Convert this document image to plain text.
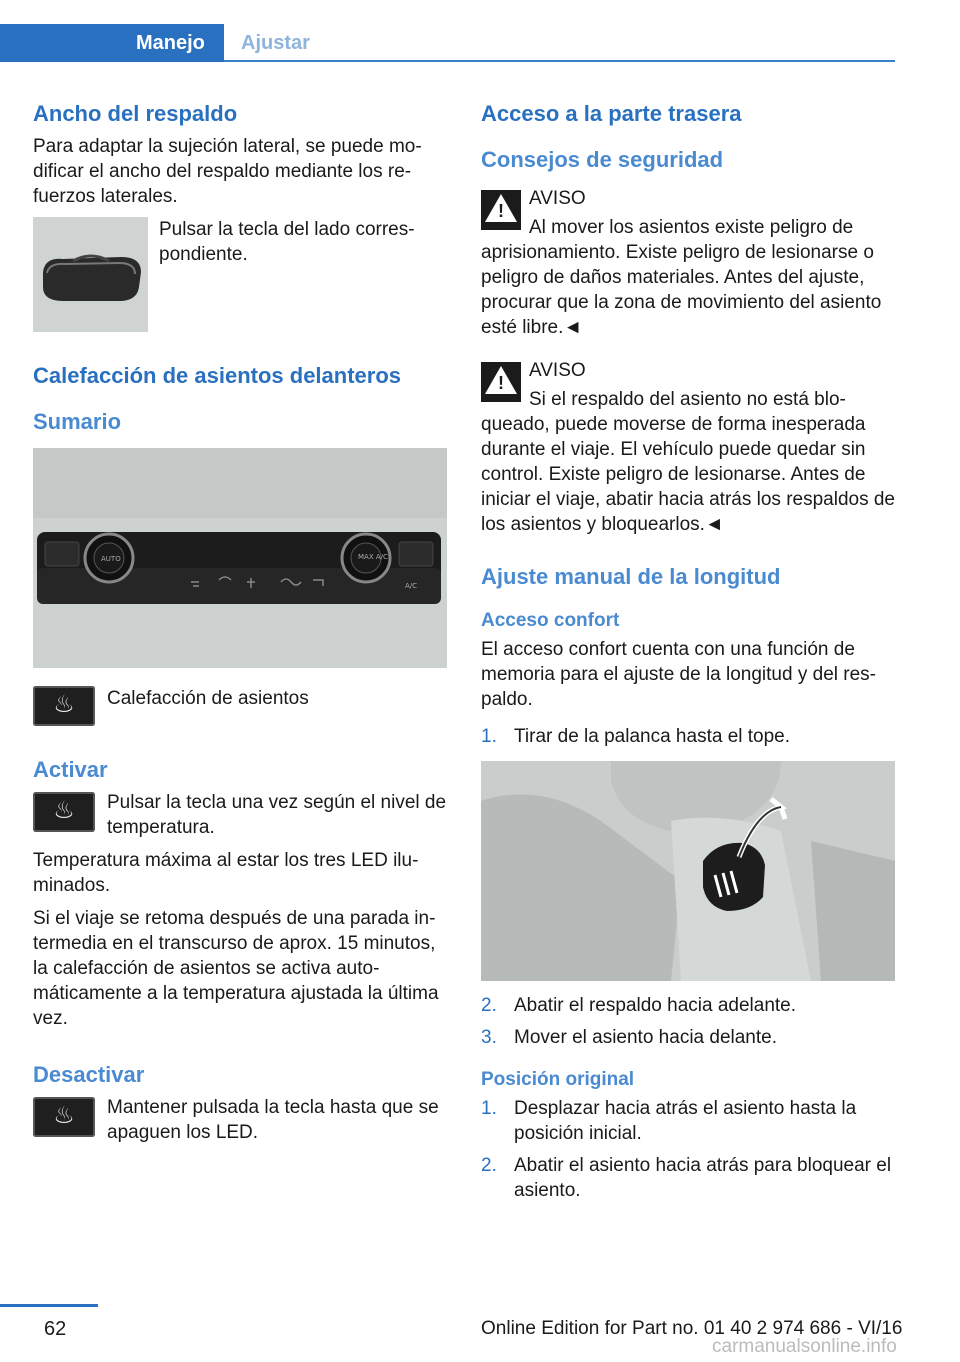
Manejo	Ajustar
Ancho del respaldo

Para adaptar la sujeción lateral, se puede modificar el ancho del respaldo mediante los refuerzos laterales.

Pulsar la tecla del lado correspondiente.

Calefacción de asientos delanteros
Sumario
AUTO	MAX A/C
A/C
♨

Calefacción de asientos

Activar
♨

Pulsar la tecla una vez según el nivel de temperatura.

Temperatura máxima al estar los tres LED iluminados.

Si el viaje se retoma después de una parada intermedia en el transcurso de aprox. 15 minutos, la calefacción de asientos se activa automáticamente a la temperatura ajustada la última vez.

Desactivar
♨

Mantener pulsada la tecla hasta que se apaguen los LED.

Acceso a la parte trasera
Consejos de seguridad
!

AVISO

Al mover los asientos existe peligro de aprisionamiento. Existe peligro de lesionarse o peligro de daños materiales. Antes del ajuste, procurar que la zona de movimiento del asiento esté libre.◄

!

AVISO

Si el respaldo del asiento no está bloqueado, puede moverse de forma inesperada durante el viaje. El vehículo puede quedar sin control. Existe peligro de lesionarse. Antes de iniciar el viaje, abatir hacia atrás los respaldos de los asientos y bloquearlos.◄

Ajuste manual de la longitud
Acceso confort

El acceso confort cuenta con una función de memoria para el ajuste de la longitud y del respaldo.

1. Tirar de la palanca hasta el tope.
2. Abatir el respaldo hacia adelante.
3. Mover el asiento hacia delante.
Posición original
1. Desplazar hacia atrás el asiento hasta la posición inicial.
2. Abatir el asiento hacia atrás para bloquear el asiento.
62	Online Edition for Part no. 01 40 2 974 686 - VI/16
carmanualsonline.info
